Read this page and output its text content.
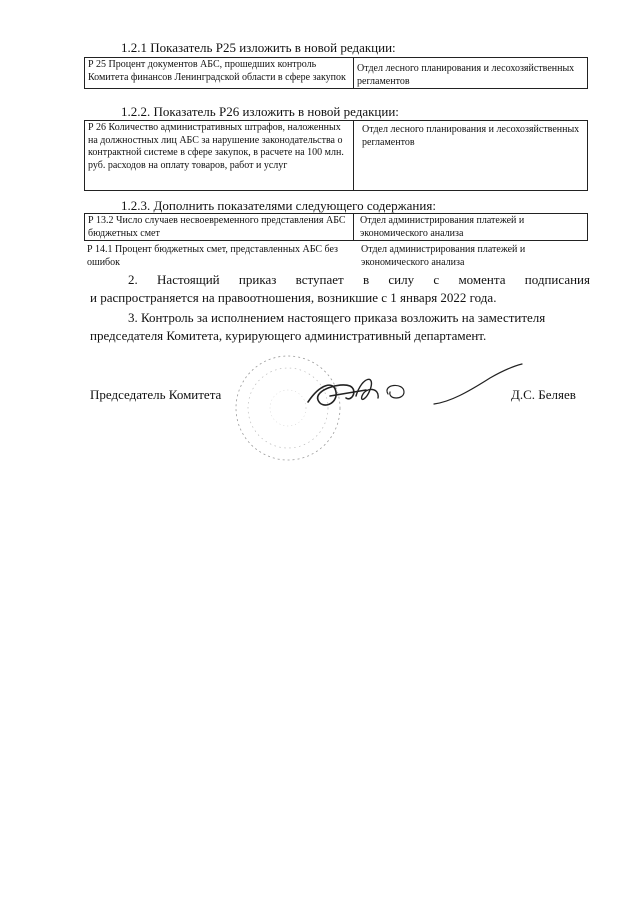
1.2.1 Показатель Р25 изложить в новой редакции:
Р 25 Процент документов АБС, прошедших контроль Комитета финансов Ленинградской области в сфере закупок	Отдел лесного планирования и лесохозяйственных регламентов
1.2.2. Показатель Р26 изложить в новой редакции:
Р 26 Количество административных штрафов, наложенных на должностных лиц АБС за нарушение законодательства о контрактной системе в сфере закупок, в расчете на 100 млн. руб. расходов на оплату товаров, работ и услуг	Отдел лесного планирования и лесохозяйственных регламентов
1.2.3. Дополнить показателями следующего содержания:
Р 13.2 Число случаев несвоевременного представления АБС бюджетных смет	Отдел администрирования платежей и экономического анализа
Р 14.1 Процент бюджетных смет, представленных АБС без ошибок	Отдел администрирования платежей и экономического анализа
2. Настоящий приказ вступает в силу с момента подписания
и распространяется на правоотношения, возникшие с 1 января 2022 года.
3. Контроль за исполнением настоящего приказа возложить на заместителя
председателя Комитета, курирующего административный департамент.
Председатель Комитета	Д.С. Беляев
